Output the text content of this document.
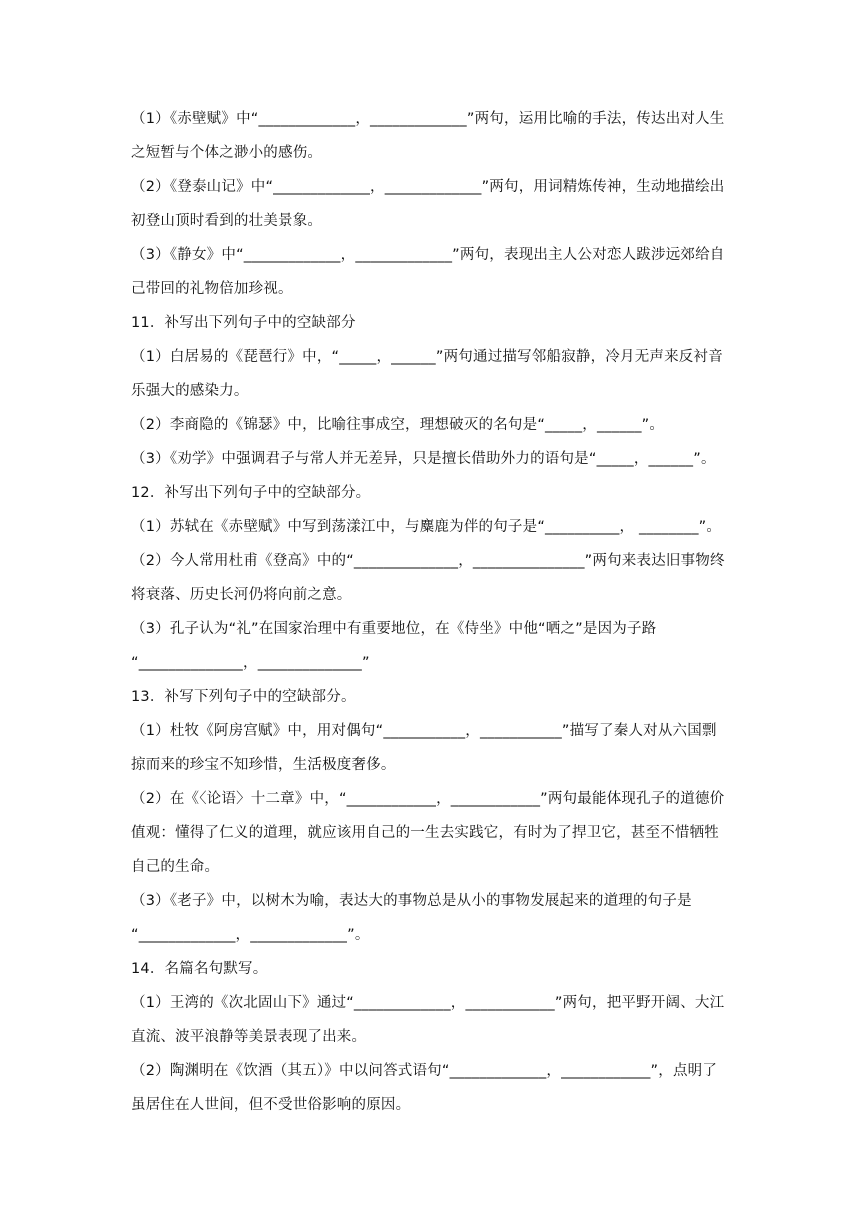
（1）《赤壁赋》中“_____________，_____________”两句，运用比喻的手法，传达出对人生
之短暂与个体之渺小的感伤。
（2）《登泰山记》中“_____________，_____________”两句，用词精炼传神，生动地描绘出
初登山顶时看到的壮美景象。
（3）《静女》中“_____________，_____________”两句，表现出主人公对恋人跋涉远郊给自
己带回的礼物倍加珍视。
11．补写出下列句子中的空缺部分
（1）白居易的《琵琶行》中，“_____，______”两句通过描写邻船寂静，冷月无声来反衬音
乐强大的感染力。
（2）李商隐的《锦瑟》中，比喻往事成空，理想破灭的名句是“_____，______”。
（3）《劝学》中强调君子与常人并无差异，只是擅长借助外力的语句是“_____，______”。
12．补写出下列句子中的空缺部分。
（1）苏轼在《赤壁赋》中写到荡漾江中，与麋鹿为伴的句子是“__________， ________”。
（2）今人常用杜甫《登高》中的“______________，_______________”两句来表达旧事物终
将衰落、历史长河仍将向前之意。
（3）孔子认为“礼”在国家治理中有重要地位，在《侍坐》中他“哂之”是因为子路
“______________，______________”
13．补写下列句子中的空缺部分。
（1）杜牧《阿房宫赋》中，用对偶句“___________，___________”描写了秦人对从六国剽
掠而来的珍宝不知珍惜，生活极度奢侈。
（2）在《〈论语〉十二章》中，“____________，____________”两句最能体现孔子的道德价
值观：懂得了仁义的道理，就应该用自己的一生去实践它，有时为了捍卫它，甚至不惜牺牲
自己的生命。
（3）《老子》中，以树木为喻，表达大的事物总是从小的事物发展起来的道理的句子是
“_____________，_____________”。
14．名篇名句默写。
（1）王湾的《次北固山下》通过“_____________，____________”两句，把平野开阔、大江
直流、波平浪静等美景表现了出来。
（2）陶渊明在《饮酒（其五）》中以问答式语句“_____________，____________”，点明了
虽居住在人世间，但不受世俗影响的原因。
